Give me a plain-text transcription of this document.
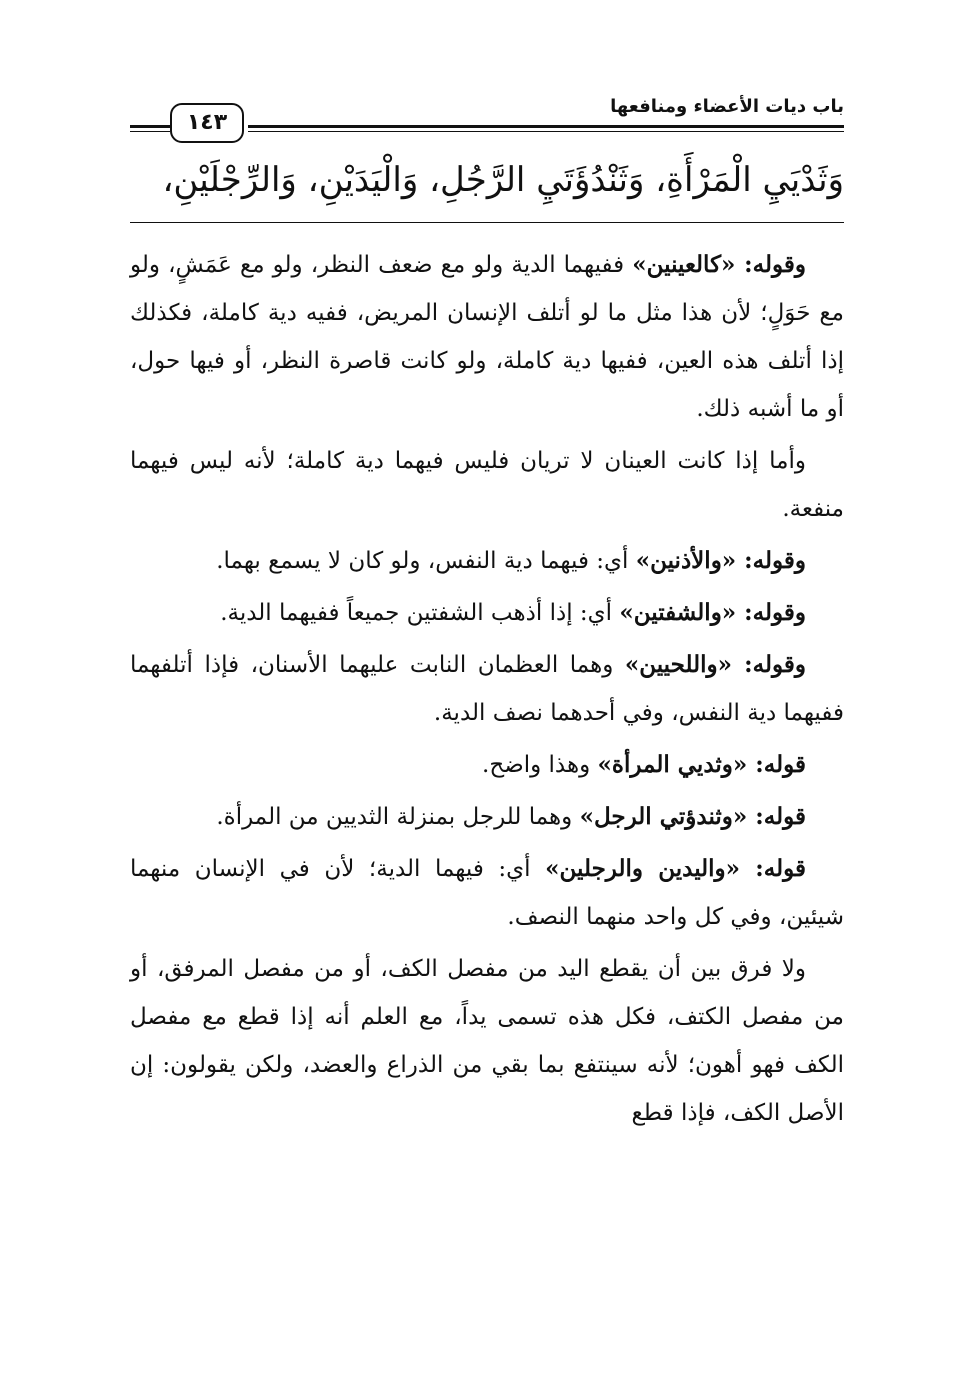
باب ديات الأعضاء ومنافعها
١٤٣
وَثَدْيَيِ الْمَرْأَةِ، وَثَنْدُؤَتَيِ الرَّجُلِ، وَالْيَدَيْنِ، وَالرِّجْلَيْنِ،

وقوله: «كالعينين» ففيهما الدية ولو مع ضعف النظر، ولو مع عَمَشٍ، ولو مع حَوَلٍ؛ لأن هذا مثل ما لو أتلف الإنسان المريض، ففيه دية كاملة، فكذلك إذا أتلف هذه العين، ففيها دية كاملة، ولو كانت قاصرة النظر، أو فيها حول، أو ما أشبه ذلك.

وأما إذا كانت العينان لا تريان فليس فيهما دية كاملة؛ لأنه ليس فيهما منفعة.

وقوله: «والأذنين» أي: فيهما دية النفس، ولو كان لا يسمع بهما.

وقوله: «والشفتين» أي: إذا أذهب الشفتين جميعاً ففيهما الدية.

وقوله: «واللحيين» وهما العظمان النابت عليهما الأسنان، فإذا أتلفهما ففيهما دية النفس، وفي أحدهما نصف الدية.

قوله: «وثديي المرأة» وهذا واضح.

قوله: «وثندؤتي الرجل» وهما للرجل بمنزلة الثديين من المرأة.

قوله: «واليدين والرجلين» أي: فيهما الدية؛ لأن في الإنسان منهما شيئين، وفي كل واحد منهما النصف.

ولا فرق بين أن يقطع اليد من مفصل الكف، أو من مفصل المرفق، أو من مفصل الكتف، فكل هذه تسمى يداً، مع العلم أنه إذا قطع مع مفصل الكف فهو أهون؛ لأنه سينتفع بما بقي من الذراع والعضد، ولكن يقولون: إن الأصل الكف، فإذا قطع
